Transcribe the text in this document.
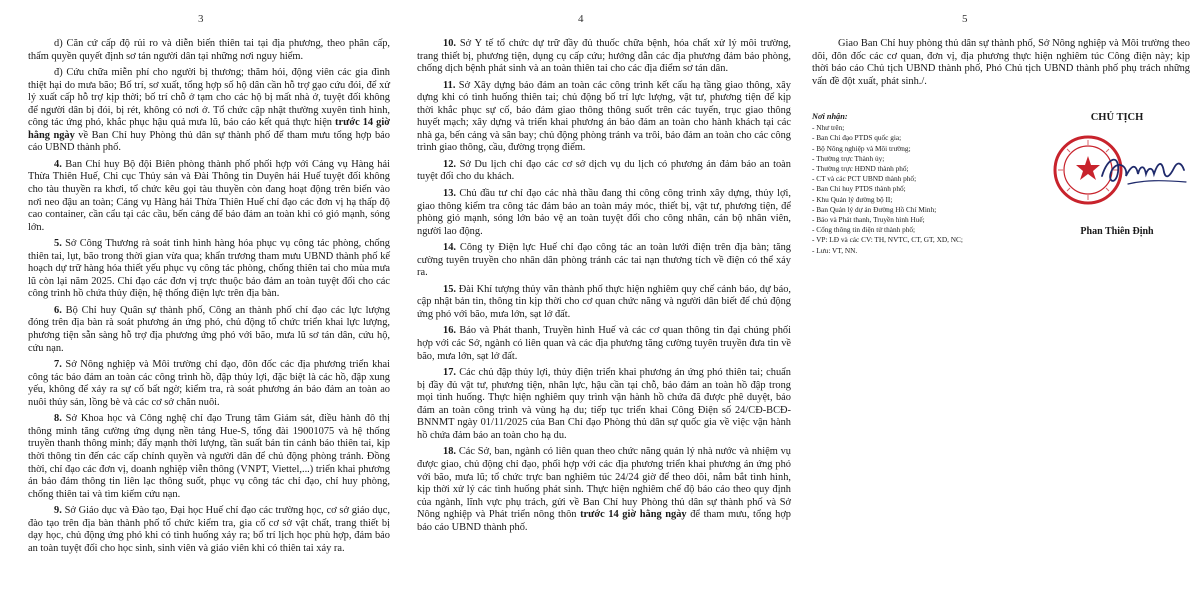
3

d) Căn cứ cấp độ rủi ro và diễn biến thiên tai tại địa phương, theo phân cấp, thẩm quyền quyết định sơ tán người dân tại những nơi nguy hiểm.

đ) Cứu chữa miễn phí cho người bị thương; thăm hỏi, động viên các gia đình thiệt hại do mưa bão; Bố trí, sơ xuất, tổng hợp số hộ dân cần hỗ trợ gạo cứu đói, để xử lý xuất cấp hỗ trợ kịp thời; bố trí chỗ ở tạm cho các hộ bị mất nhà ở, tuyệt đối không để người dân bị đói, bị rét, không có nơi ở. Tổ chức cập nhật thường xuyên tình hình, công tác ứng phó, khắc phục hậu quả mưa lũ, báo cáo kết quả thực hiện trước 14 giờ hằng ngày về Ban Chỉ huy Phòng thủ dân sự thành phố để tham mưu tổng hợp báo cáo UBND thành phố.

4. Ban Chỉ huy Bộ đội Biên phòng thành phố phối hợp với Cảng vụ Hàng hải Thừa Thiên Huế, Chi cục Thủy sản và Đài Thông tin Duyên hải Huế tuyệt đối không cho tàu thuyền ra khơi, tổ chức kêu gọi tàu thuyền còn đang hoạt động trên biển vào nơi neo đậu an toàn; Cảng vụ Hàng hải Thừa Thiên Huế chỉ đạo các đơn vị hạ thấp độ cao container, cần cẩu tại các cầu, bến cảng để bảo đảm an toàn khi có gió mạnh, sóng lớn.

5. Sở Công Thương rà soát tình hình hàng hóa phục vụ công tác phòng, chống thiên tai, lụt, bão trong thời gian vừa qua; khẩn trương tham mưu UBND thành phố kế hoạch dự trữ hàng hóa thiết yếu phục vụ công tác phòng, chống thiên tai cho mùa mưa lũ còn lại năm 2025. Chỉ đạo các đơn vị trực thuộc bảo đảm an toàn tuyệt đối cho các công trình hồ chứa thủy điện, hệ thống điện lực trên địa bàn.

6. Bộ Chỉ huy Quân sự thành phố, Công an thành phố chỉ đạo các lực lượng đóng trên địa bàn rà soát phương án ứng phó, chủ động tổ chức triển khai lực lượng, phương tiện sẵn sàng hỗ trợ địa phương ứng phó với bão, mưa lũ sơ tán dân, cứu hộ, cứu nạn.

7. Sở Nông nghiệp và Môi trường chỉ đạo, đôn đốc các địa phương triển khai công tác bảo đảm an toàn các công trình hồ, đập thủy lợi, đặc biệt là các hồ, đập xung yếu, không để xảy ra sự cố bất ngờ; kiểm tra, rà soát phương án bảo đảm an toàn ao nuôi thủy sản, lồng bè và các cơ sở chăn nuôi.

8. Sở Khoa học và Công nghệ chỉ đạo Trung tâm Giám sát, điều hành đô thị thông minh tăng cường ứng dụng nền tảng Hue-S, tổng đài 19001075 và hệ thống truyền thanh thông minh; đẩy mạnh thời lượng, tần suất bản tin cảnh báo thiên tai, kịp thời thông tin đến các cấp chính quyền và người dân để chủ động phòng tránh. Đồng thời, chỉ đạo các đơn vị, doanh nghiệp viễn thông (VNPT, Viettel,...) triển khai phương án bảo đảm thông tin liên lạc thông suốt, phục vụ công tác chỉ đạo, chỉ huy phòng, chống thiên tai và tìm kiếm cứu nạn.

9. Sở Giáo dục và Đào tạo, Đại học Huế chỉ đạo các trường học, cơ sở giáo dục, đào tạo trên địa bàn thành phố tổ chức kiểm tra, gia cố cơ sở vật chất, trang thiết bị dạy học, chủ động ứng phó khi có tình huống xảy ra; bố trí lịch học phù hợp, đảm bảo an toàn tuyệt đối cho học sinh, sinh viên và giáo viên khi có thiên tai xảy ra.

4

10. Sở Y tế tổ chức dự trữ đầy đủ thuốc chữa bệnh, hóa chất xử lý môi trường, trang thiết bị, phương tiện, dụng cụ cấp cứu; hướng dẫn các địa phương đảm bảo phòng, chống dịch bệnh phát sinh và an toàn thiên tai cho các địa điểm sơ tán dân.

11. Sở Xây dựng bảo đảm an toàn các công trình kết cấu hạ tầng giao thông, xây dựng khi có tình huống thiên tai; chủ động bố trí lực lượng, vật tư, phương tiện để kịp thời khắc phục sự cố, bảo đảm giao thông thông suốt trên các tuyến, trục giao thông huyết mạch; xây dựng và triển khai phương án bảo đảm an toàn cho hành khách tại các nhà ga, bến cảng và sân bay; chủ động phòng tránh va trôi, bảo đảm an toàn cho các công trình giao thông, cầu, đường trọng điểm.

12. Sở Du lịch chỉ đạo các cơ sở dịch vụ du lịch có phương án đảm bảo an toàn tuyệt đối cho du khách.

13. Chủ đầu tư chỉ đạo các nhà thầu đang thi công công trình xây dựng, thủy lợi, giao thông kiểm tra công tác đảm bảo an toàn máy móc, thiết bị, vật tư, phương tiện, để phòng gió mạnh, sóng lớn bảo vệ an toàn tuyệt đối cho công nhân, cán bộ nhân viên, người lao động.

14. Công ty Điện lực Huế chỉ đạo công tác an toàn lưới điện trên địa bàn; tăng cường tuyên truyền cho nhân dân phòng tránh các tai nạn thương tích về điện có thể xảy ra.

15. Đài Khí tượng thủy văn thành phố thực hiện nghiêm quy chế cảnh báo, dự báo, cập nhật bản tin, thông tin kịp thời cho cơ quan chức năng và người dân biết để chủ động ứng phó với bão, mưa lớn, sạt lở đất.

16. Báo và Phát thanh, Truyền hình Huế và các cơ quan thông tin đại chúng phối hợp với các Sở, ngành có liên quan và các địa phương tăng cường tuyên truyền đưa tin về bão, mưa lớn, sạt lở đất.

17. Các chủ đập thủy lợi, thủy điện triển khai phương án ứng phó thiên tai; chuẩn bị đầy đủ vật tư, phương tiện, nhân lực, hậu cần tại chỗ, bảo đảm an toàn hồ đập trong mọi tình huống. Thực hiện nghiêm quy trình vận hành hồ chứa đã được phê duyệt, bảo đảm an toàn công trình và vùng hạ du; tiếp tục triển khai Công Điện số 24/CĐ-BCĐ-BNNMT ngày 01/11/2025 của Ban Chỉ đạo Phòng thủ dân sự quốc gia về việc vận hành hồ chứa đảm bảo an toàn cho hạ du.

18. Các Sở, ban, ngành có liên quan theo chức năng quản lý nhà nước và nhiệm vụ được giao, chủ động chỉ đạo, phối hợp với các địa phương triển khai phương án ứng phó với bão, mưa lũ; tổ chức trực ban nghiêm túc 24/24 giờ để theo dõi, nắm bắt tình hình, kịp thời xử lý các tình huống phát sinh. Thực hiện nghiêm chế độ báo cáo theo quy định của ngành, lĩnh vực phụ trách, gửi về Ban Chỉ huy Phòng thủ dân sự thành phố và Sở Nông nghiệp và Phát triển nông thôn trước 14 giờ hằng ngày để tham mưu, tổng hợp báo cáo UBND thành phố.

5

Giao Ban Chỉ huy phòng thủ dân sự thành phố, Sở Nông nghiệp và Môi trường theo dõi, đôn đốc các cơ quan, đơn vị, địa phương thực hiện nghiêm túc Công điện này; kịp thời báo cáo Chủ tịch UBND thành phố, Phó Chủ tịch UBND thành phố phụ trách những vấn đề đột xuất, phát sinh./.

Nơi nhận:
- Như trên;
- Ban Chỉ đạo PTDS quốc gia;
- Bộ Nông nghiệp và Môi trường;
- Thường trực Thành ủy;
- Thường trực HĐND thành phố;
- CT và các PCT UBND thành phố;
- Ban Chỉ huy PTDS thành phố;
- Khu Quản lý đường bộ II;
- Ban Quản lý dự án Đường Hồ Chí Minh;
- Báo và Phát thanh, Truyền hình Huế;
- Cổng thông tin điện tử thành phố;
- VP: LĐ và các CV: TH, NVTC, CT, GT, XD, NC;
- Lưu: VT, NN.
CHỦ TỊCH
Phan Thiên Định
